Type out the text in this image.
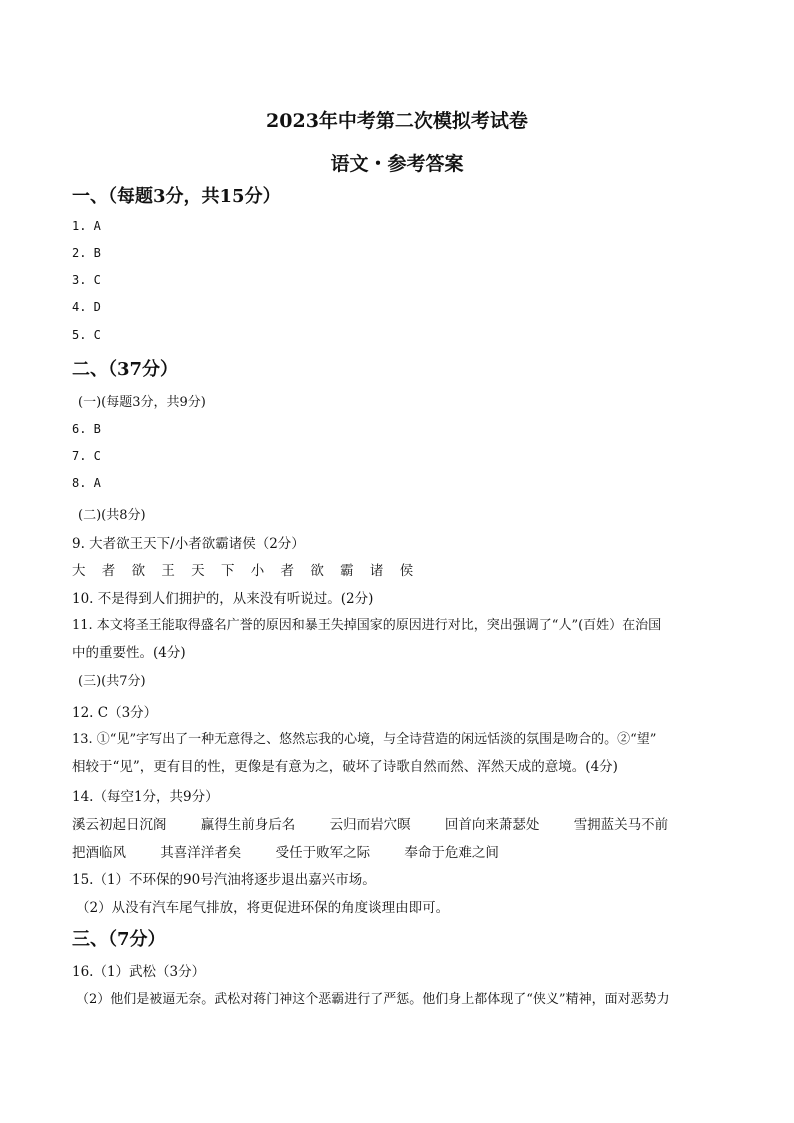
2023年中考第二次模拟考试卷
语文・参考答案
一、（每题3分，共15分）
1. A
2. B
3. C
4. D
5. C
二、（37分）
(一)(每题3分，共9分)
6. B
7. C
8. A
(二)(共8分)
9. 大者欲王天下/小者欲霸诸侯（2分）
大 者 欲 王 天 下 小 者 欲 霸 诸 侯
10. 不是得到人们拥护的，从来没有听说过。(2分)
11. 本文将圣王能取得盛名广誉的原因和暴王失掉国家的原因进行对比，突出强调了“人”(百姓）在治国
中的重要性。(4分)
(三)(共7分)
12. C（3分）
13. ①“见”字写出了一种无意得之、悠然忘我的心境，与全诗营造的闲远恬淡的氛围是吻合的。②“望”
相较于“见”，更有目的性，更像是有意为之，破坏了诗歌自然而然、浑然天成的意境。(4分)
14.（每空1分，共9分）
溪云初起日沉阁	赢得生前身后名	云归而岩穴暝	回首向来萧瑟处	雪拥蓝关马不前
把酒临风	其喜洋洋者矣	受任于败军之际	奉命于危难之间
15.（1）不环保的90号汽油将逐步退出嘉兴市场。
（2）从没有汽车尾气排放，将更促进环保的角度谈理由即可。
三、（7分）
16.（1）武松（3分）
（2）他们是被逼无奈。武松对蒋门神这个恶霸进行了严惩。他们身上都体现了“侠义”精神，面对恶势力
